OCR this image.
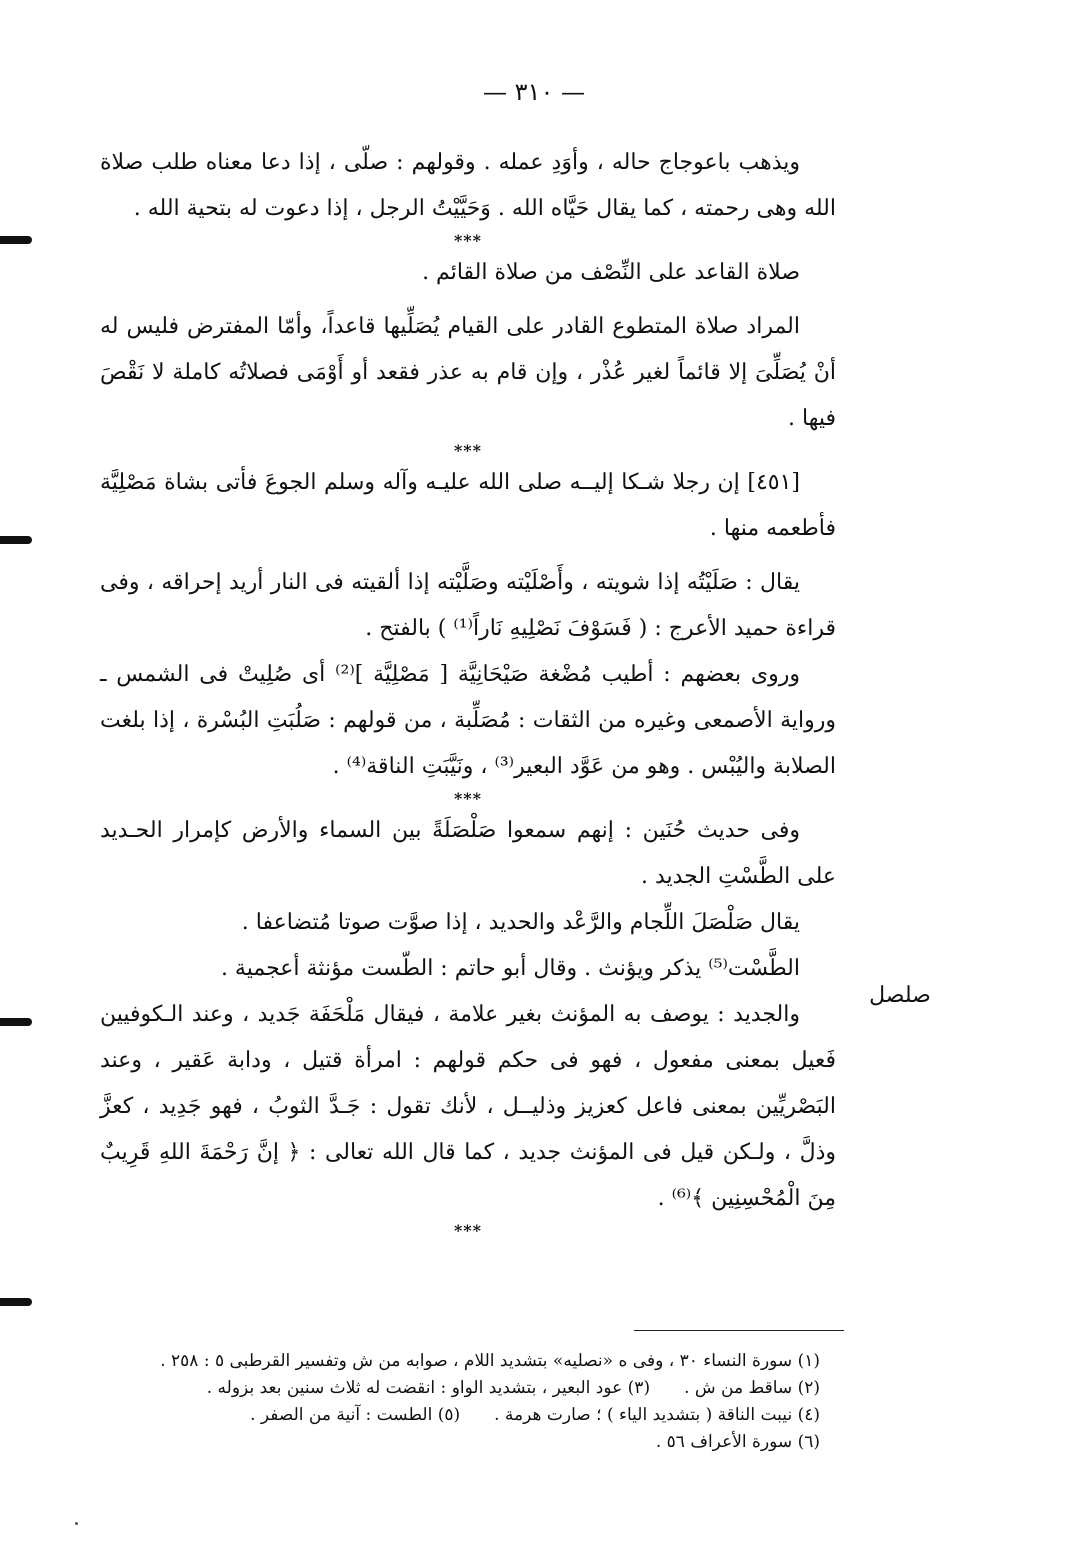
— ٣١٠ —
صلصل

ويذهب باعوجاج حاله ، وأوَدِ عمله . وقولهم : صلّى ، إذا دعا معناه طلب صلاة الله وهى رحمته ، كما يقال حَيَّاه الله . وَحَيَّيْتُ الرجل ، إذا دعوت له بتحية الله .

***

صلاة القاعد على النِّصْف من صلاة القائم .

المراد صلاة المتطوع القادر على القيام يُصَلِّيها قاعداً، وأمّا المفترض فليس له أنْ يُصَلِّىَ إلا قائماً لغير عُذْر ، وإن قام به عذر فقعد أو أَوْمَى فصلاتُه كاملة لا نَقْصَ فيها .

***

[٤٥١] إن رجلا شـكا إليــه صلى الله عليـه وآله وسلم الجوعَ فأتى بشاة مَصْلِيَّة فأطعمه منها .

يقال : صَلَيْتُه إذا شويته ، وأَصْلَيْته وصَلَّيْته إذا ألقيته فى النار أريد إحراقه ، وفى قراءة حميد الأعرج : ( فَسَوْفَ نَصْلِيهِ نَاراً⁽¹⁾ ) بالفتح .

وروى بعضهم : أطيب مُضْغة صَيْحَانِيَّة [ مَصْلِيَّة ]⁽²⁾ أى صُلِيتْ فى الشمس ـ ورواية الأصمعى وغيره من الثقات : مُصَلِّبة ، من قولهم : صَلُبَتِ البُسْرة ، إذا بلغت الصلابة واليُبْس . وهو من عَوَّد البعير⁽³⁾ ، ونَيَّبَتِ الناقة⁽⁴⁾ .

***

وفى حديث حُنَين : إنهم سمعوا صَلْصَلَةً بين السماء والأرض كإمرار الحـديد على الطَّسْتِ الجديد .

يقال صَلْصَلَ اللِّجام والرَّعْد والحديد ، إذا صوَّت صوتا مُتضاعفا .

الطَّسْت⁽⁵⁾ يذكر ويؤنث . وقال أبو حاتم : الطّست مؤنثة أعجمية .

والجديد : يوصف به المؤنث بغير علامة ، فيقال مَلْحَفَة جَديد ، وعند الـكوفيين فَعيل بمعنى مفعول ، فهو فى حكم قولهم : امرأة قتيل ، ودابة عَقير ، وعند البَصْريِّين بمعنى فاعل كعزيز وذليــل ، لأنك تقول : جَـدَّ الثوبُ ، فهو جَدِيد ، كعزَّ وذلَّ ، ولـكن قيل فى المؤنث جديد ، كما قال الله تعالى : ﴿ إنَّ رَحْمَةَ اللهِ قَرِيبٌ مِنَ الْمُحْسِنِين ﴾⁽⁶⁾ .

***

(١) سورة النساء ٣٠ ، وفى ه «نصليه» بتشديد اللام ، صوابه من ش وتفسير القرطبى ٥ : ٢٥٨ .

(٢) ساقط من ش .(٣) عود البعير ، بتشديد الواو : انقضت له ثلاث سنين بعد بزوله .

(٤) نيبت الناقة ( بتشديد الياء ) ؛ صارت هرمة .(٥) الطست : آنية من الصفر .

(٦) سورة الأعراف ٥٦ .
